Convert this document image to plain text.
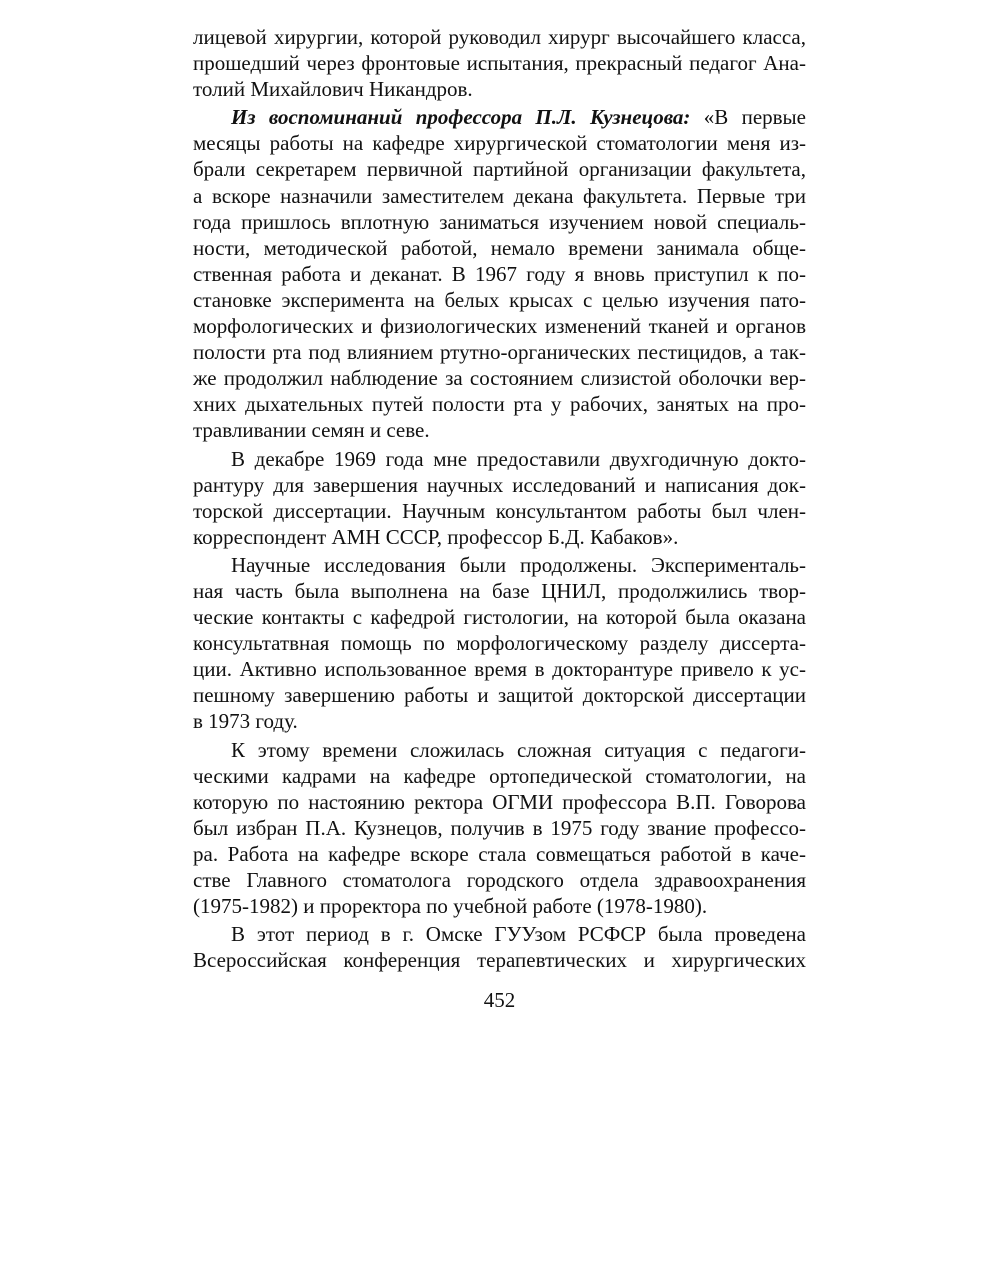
лицевой хирургии, которой руководил хирург высочайшего класса,
прошедший через фронтовые испытания, прекрасный педагог Ана-
толий Михайлович Никандров.
Из воспоминаний профессора П.Л. Кузнецова: «В первые
месяцы работы на кафедре хирургической стоматологии меня из-
брали секретарем первичной партийной организации факультета,
а вскоре назначили заместителем декана факультета. Первые три
года пришлось вплотную заниматься изучением новой специаль-
ности, методической работой, немало времени занимала обще-
ственная работа и деканат. В 1967 году я вновь приступил к по-
становке эксперимента на белых крысах с целью изучения пато-
морфологических и физиологических изменений тканей и органов
полости рта под влиянием ртутно-органических пестицидов, а так-
же продолжил наблюдение за состоянием слизистой оболочки вер-
хних дыхательных путей полости рта у рабочих, занятых на про-
травливании семян и севе.
В декабре 1969 года мне предоставили двухгодичную доктo-
рантуру для завершения научных исследований и написания док-
торской диссертации. Научным консультантом работы был член-
корреспондент АМН СССР, профессор Б.Д. Кабаков».
Научные исследования были продолжены. Эксперименталь-
ная часть была выполнена на базе ЦНИЛ, продолжились твор-
ческие контакты с кафедрой гистологии, на которой была оказана
консультатвная помощь по морфологическому разделу диссерта-
ции. Активно использованное время в докторантуре привело к ус-
пешному завершению работы и защитой докторской диссертации
в 1973 году.
К этому времени сложилась сложная ситуация с педагоги-
ческими кадрами на кафедре ортопедической стоматологии, на
которую по настоянию ректора ОГМИ профессора В.П. Говорова
был избран П.А. Кузнецов, получив в 1975 году звание профессо-
ра. Работа на кафедре вскоре стала совмещаться работой в каче-
стве Главного стоматолога городского отдела здравоохранения
(1975-1982) и проректора по учебной работе (1978-1980).
В этот период в г. Омске ГУУзом РСФСР была проведена
Всероссийская конференция терапевтических и хирургических
452
